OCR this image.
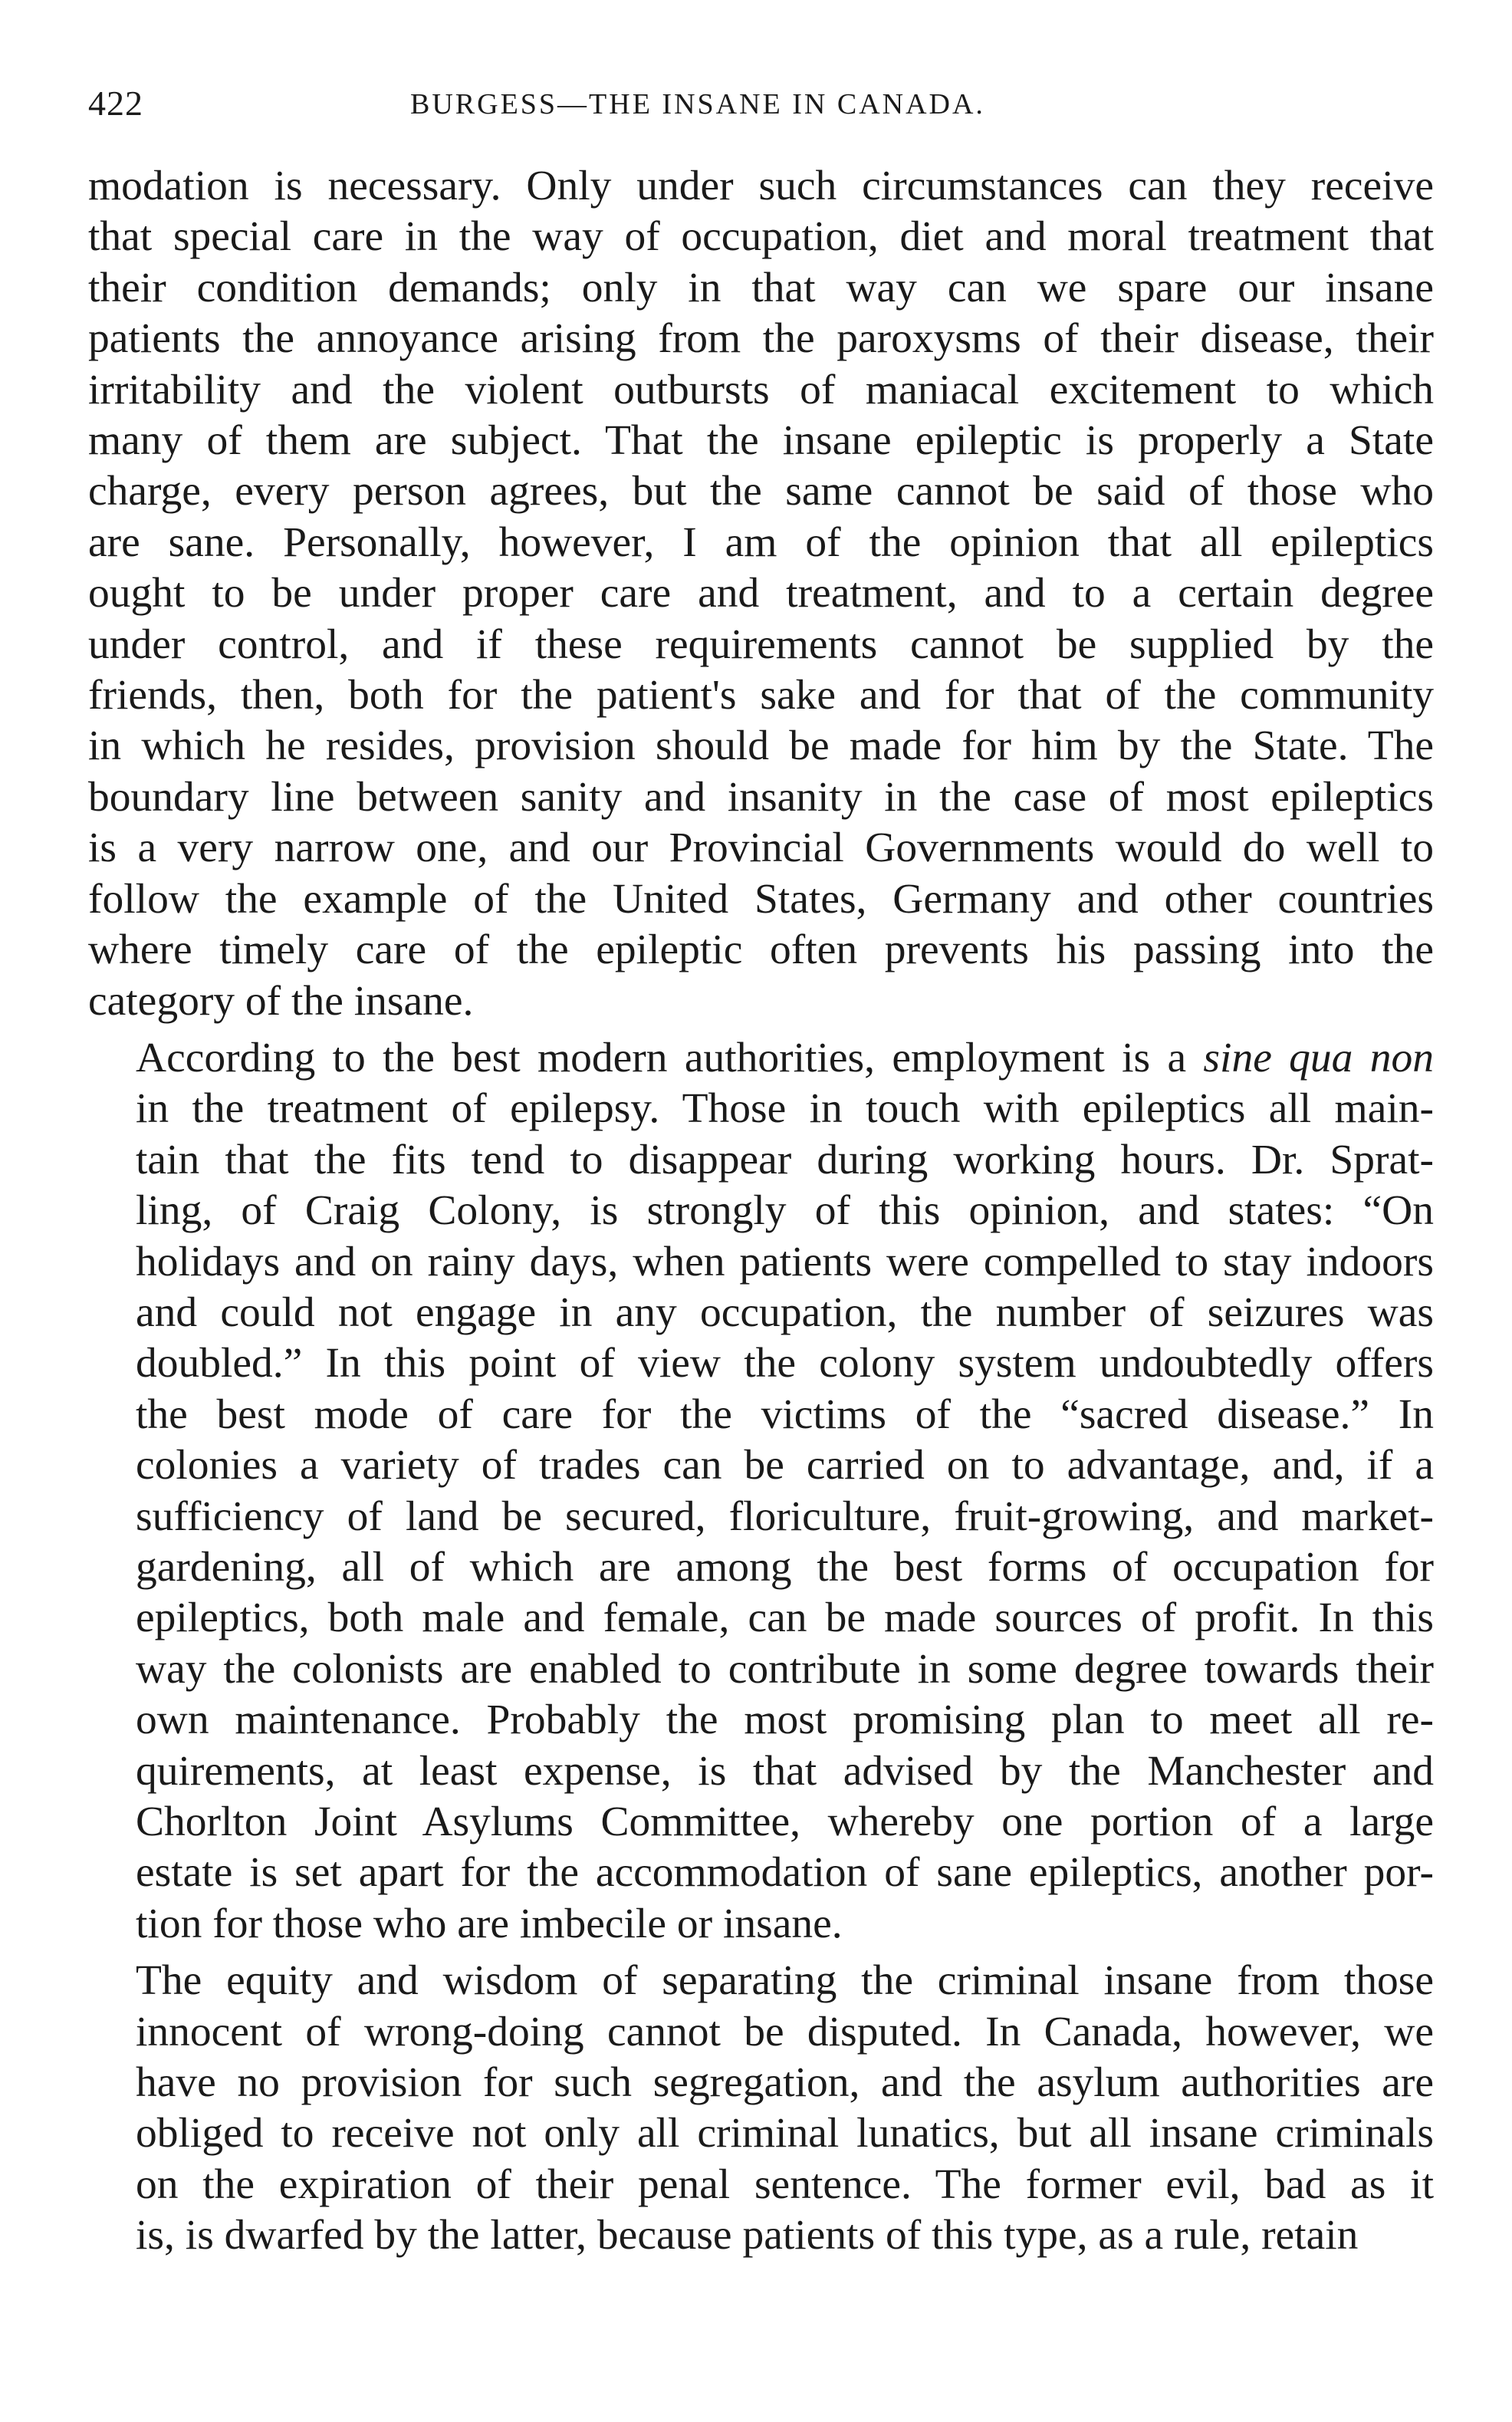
422	BURGESS—THE INSANE IN CANADA.

modation is necessary. Only under such circumstances can they receive
that special care in the way of occupation, diet and moral treatment that
their condition demands; only in that way can we spare our insane
patients the annoyance arising from the paroxysms of their disease, their
irritability and the violent outbursts of maniacal excitement to which
many of them are subject. That the insane epileptic is properly a State
charge, every person agrees, but the same cannot be said of those who
are sane. Personally, however, I am of the opinion that all epileptics
ought to be under proper care and treatment, and to a certain degree
under control, and if these requirements cannot be supplied by the
friends, then, both for the patient's sake and for that of the community
in which he resides, provision should be made for him by the State. The
boundary line between sanity and insanity in the case of most epileptics
is a very narrow one, and our Provincial Governments would do well to
follow the example of the United States, Germany and other countries
where timely care of the epileptic often prevents his passing into the
category of the insane.

According to the best modern authorities, employment is a sine qua non
in the treatment of epilepsy. Those in touch with epileptics all main-
tain that the fits tend to disappear during working hours. Dr. Sprat-
ling, of Craig Colony, is strongly of this opinion, and states: “On
holidays and on rainy days, when patients were compelled to stay indoors
and could not engage in any occupation, the number of seizures was
doubled.” In this point of view the colony system undoubtedly offers
the best mode of care for the victims of the “sacred disease.” In
colonies a variety of trades can be carried on to advantage, and, if a
sufficiency of land be secured, floriculture, fruit-growing, and market-
gardening, all of which are among the best forms of occupation for
epileptics, both male and female, can be made sources of profit. In this
way the colonists are enabled to contribute in some degree towards their
own maintenance. Probably the most promising plan to meet all re-
quirements, at least expense, is that advised by the Manchester and
Chorlton Joint Asylums Committee, whereby one portion of a large
estate is set apart for the accommodation of sane epileptics, another por-
tion for those who are imbecile or insane.

The equity and wisdom of separating the criminal insane from those
innocent of wrong-doing cannot be disputed. In Canada, however, we
have no provision for such segregation, and the asylum authorities are
obliged to receive not only all criminal lunatics, but all insane criminals
on the expiration of their penal sentence. The former evil, bad as it
is, is dwarfed by the latter, because patients of this type, as a rule, retain
